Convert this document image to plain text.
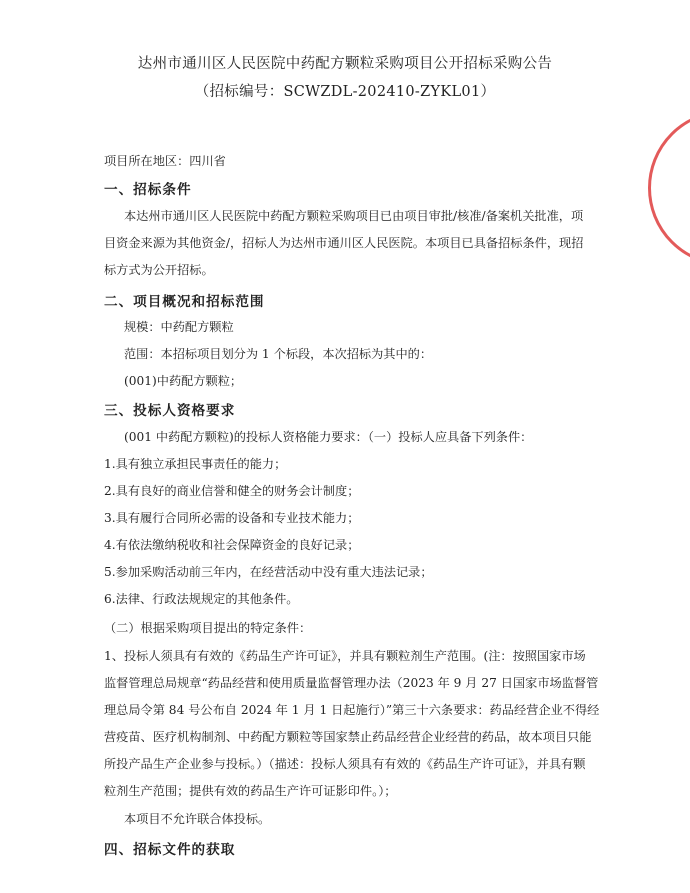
达州市通川区人民医院中药配方颗粒采购项目公开招标采购公告
（招标编号：SCWZDL-202410-ZYKL01）
项目所在地区：四川省
一、招标条件
本达州市通川区人民医院中药配方颗粒采购项目已由项目审批/核准/备案机关批准，项
目资金来源为其他资金/，招标人为达州市通川区人民医院。本项目已具备招标条件，现招
标方式为公开招标。
二、项目概况和招标范围
规模：中药配方颗粒
范围：本招标项目划分为 1 个标段，本次招标为其中的：
(001)中药配方颗粒；
三、投标人资格要求
(001 中药配方颗粒)的投标人资格能力要求：（一）投标人应具备下列条件：
1.具有独立承担民事责任的能力；
2.具有良好的商业信誉和健全的财务会计制度；
3.具有履行合同所必需的设备和专业技术能力；
4.有依法缴纳税收和社会保障资金的良好记录；
5.参加采购活动前三年内，在经营活动中没有重大违法记录；
6.法律、行政法规规定的其他条件。
（二）根据采购项目提出的特定条件：
1、投标人须具有有效的《药品生产许可证》，并具有颗粒剂生产范围。(注：按照国家市场
监督管理总局规章“药品经营和使用质量监督管理办法（2023 年 9 月 27 日国家市场监督管
理总局令第 84 号公布自 2024 年 1 月 1 日起施行）”第三十六条要求：药品经营企业不得经
营疫苗、医疗机构制剂、中药配方颗粒等国家禁止药品经营企业经营的药品，故本项目只能
所投产品生产企业参与投标。）（描述：投标人须具有有效的《药品生产许可证》，并具有颗
粒剂生产范围；提供有效的药品生产许可证影印件。）；
本项目不允许联合体投标。
四、招标文件的获取
